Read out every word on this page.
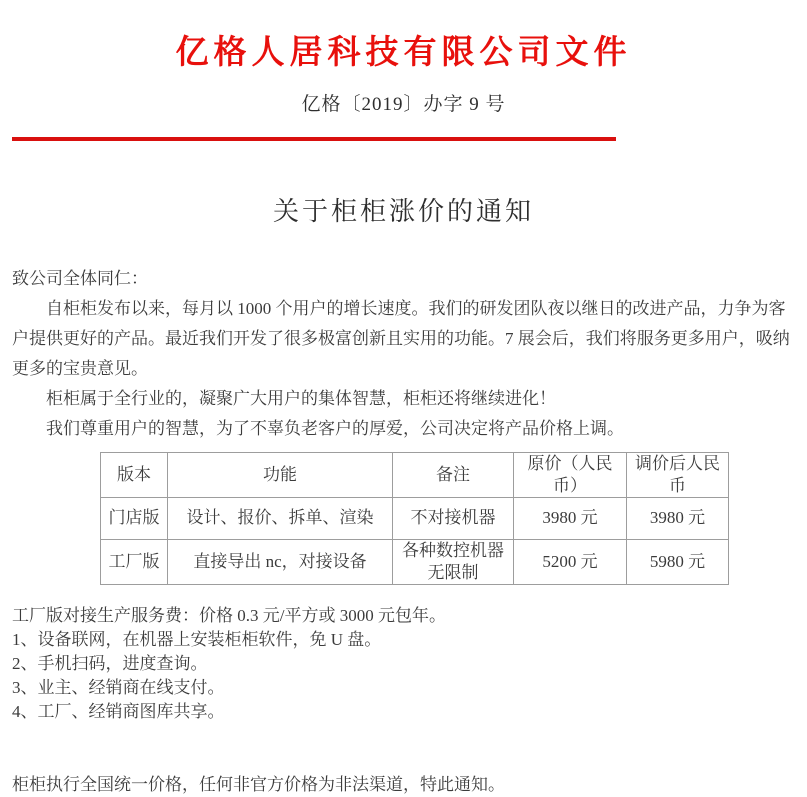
亿格人居科技有限公司文件
亿格〔2019〕办字 9 号
关于柜柜涨价的通知

致公司全体同仁：

自柜柜发布以来，每月以 1000 个用户的增长速度。我们的研发团队夜以继日的改进产品，力争为客户提供更好的产品。最近我们开发了很多极富创新且实用的功能。7 展会后，我们将服务更多用户，吸纳更多的宝贵意见。

柜柜属于全行业的，凝聚广大用户的集体智慧，柜柜还将继续进化！

我们尊重用户的智慧，为了不辜负老客户的厚爱，公司决定将产品价格上调。

版本	功能	备注	原价（人民币）	调价后人民币
门店版	设计、报价、拆单、渲染	不对接机器	3980 元	3980 元
工厂版	直接导出 nc，对接设备	各种数控机器无限制	5200 元	5980 元

工厂版对接生产服务费：价格 0.3 元/平方或 3000 元包年。

1、设备联网，在机器上安装柜柜软件，免 U 盘。

2、手机扫码，进度查询。

3、业主、经销商在线支付。

4、工厂、经销商图库共享。

柜柜执行全国统一价格，任何非官方价格为非法渠道，特此通知。
